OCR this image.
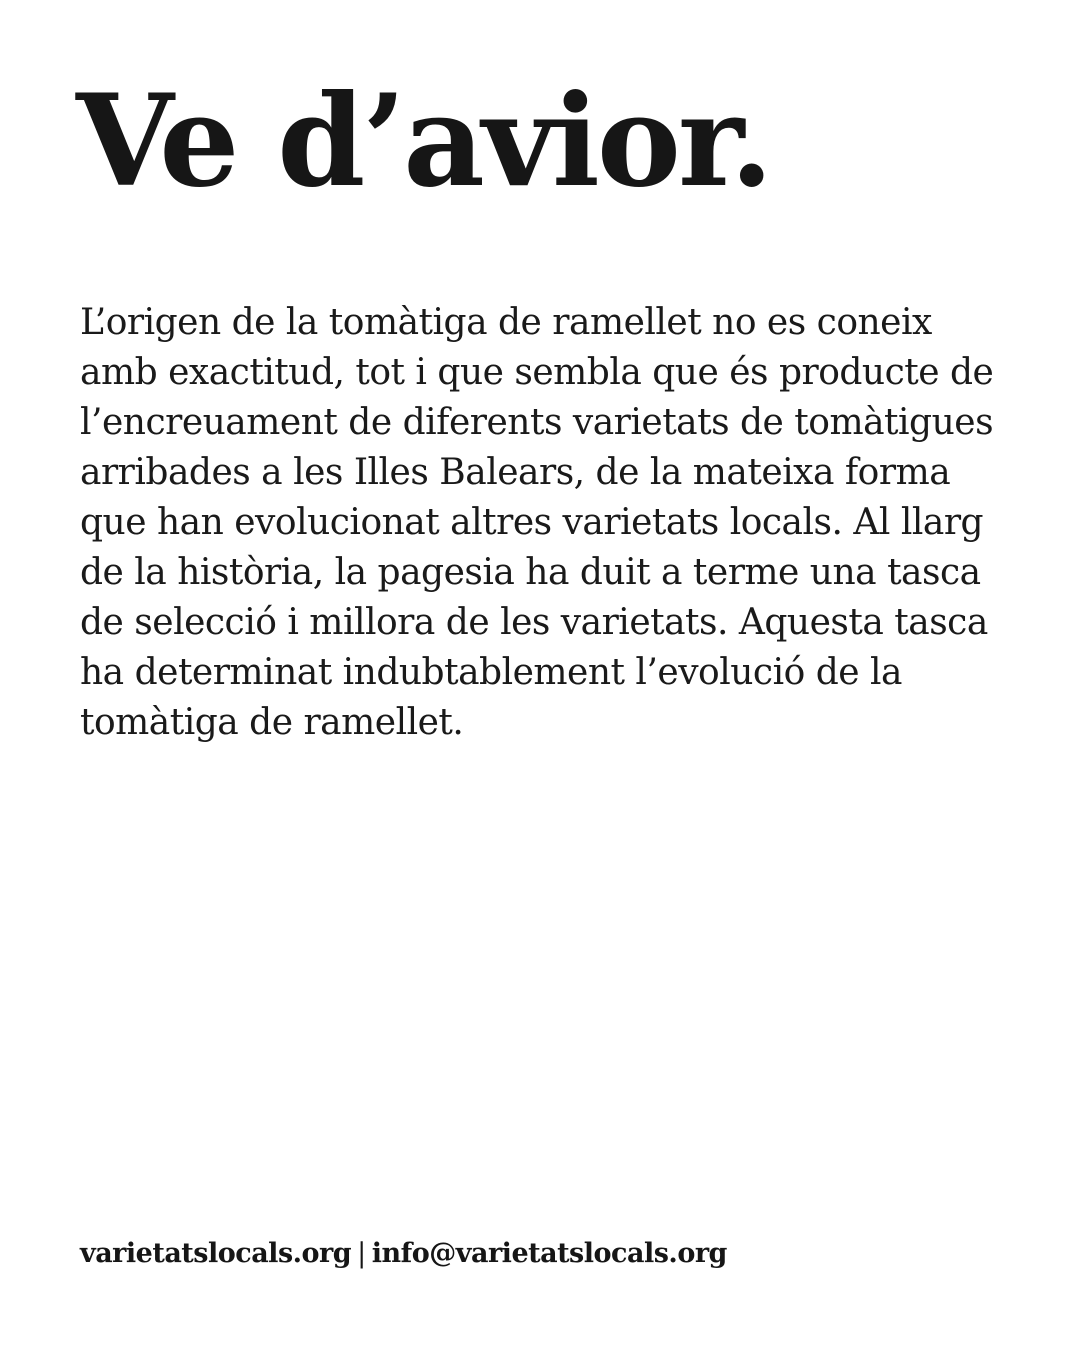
Ve d’avior.
L’origen de la tomàtiga de ramellet no es coneix
amb exactitud, tot i que sembla que és producte de
l’encreuament de diferents varietats de tomàtigues
arribades a les Illes Balears, de la mateixa forma
que han evolucionat altres varietats locals. Al llarg
de la història, la pagesia ha duit a terme una tasca
de selecció i millora de les varietats. Aquesta tasca
ha determinat indubtablement l’evolució de la
tomàtiga de ramellet.
varietatslocals.org | info@varietatslocals.org
